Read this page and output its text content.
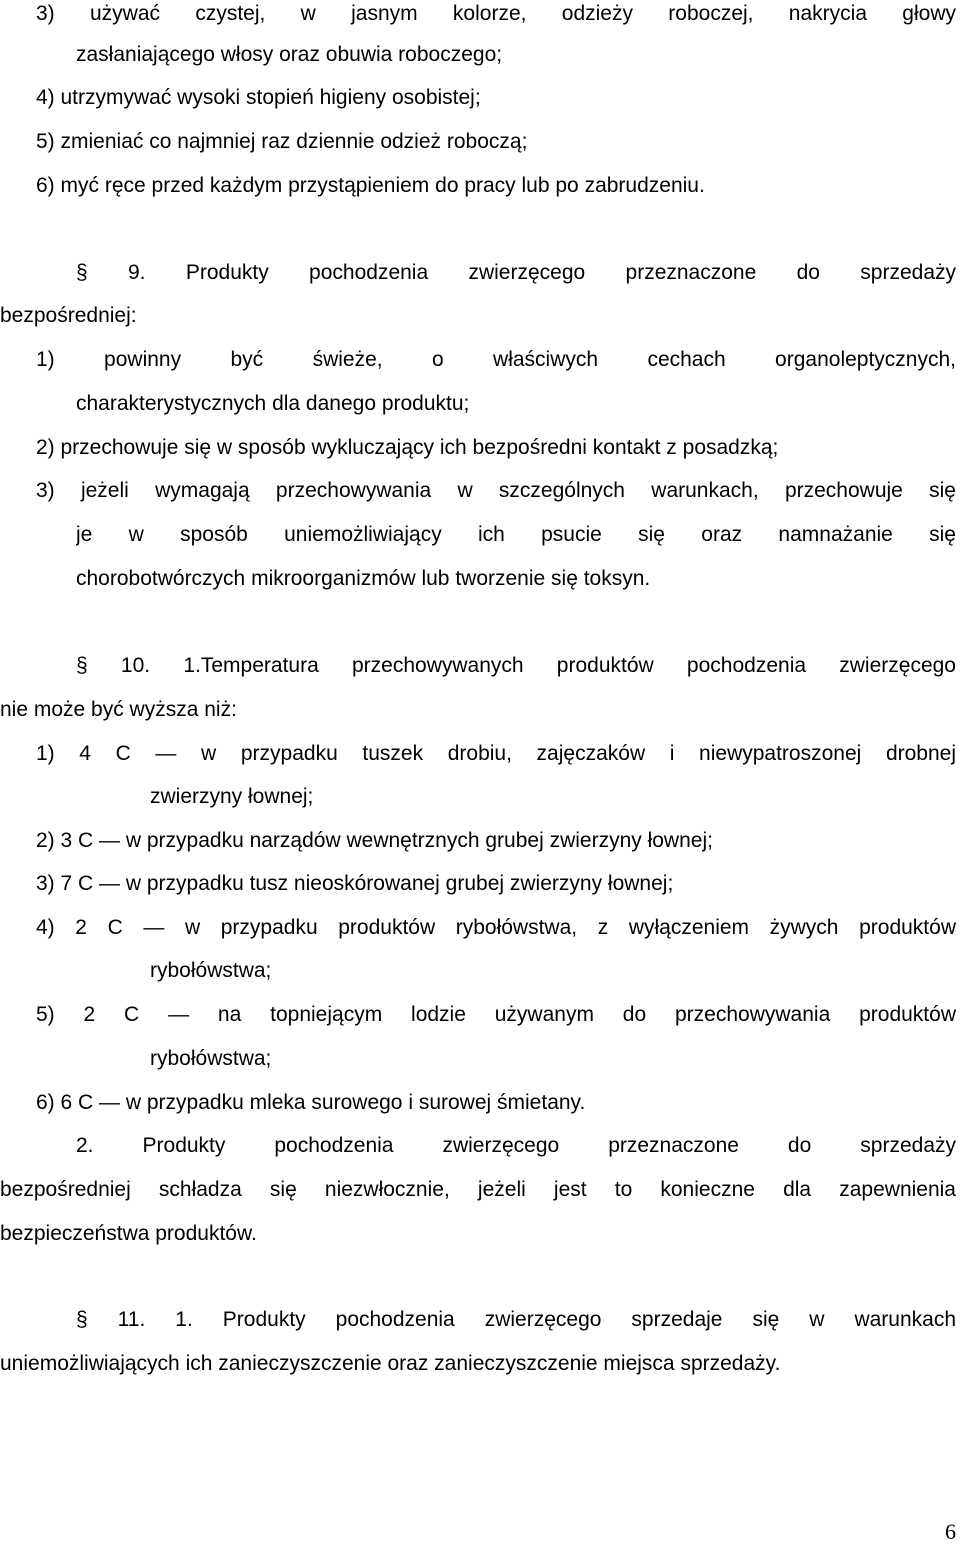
3) używać czystej, w jasnym kolorze, odzieży roboczej, nakrycia głowy
zasłaniającego włosy oraz obuwia roboczego;
4) utrzymywać wysoki stopień higieny osobistej;
5) zmieniać co najmniej raz dziennie odzież roboczą;
6) myć ręce przed każdym przystąpieniem do pracy lub po zabrudzeniu.
§ 9. Produkty pochodzenia zwierzęcego przeznaczone do sprzedaży
bezpośredniej:
1) powinny być świeże, o właściwych cechach organoleptycznych,
charakterystycznych dla danego produktu;
2) przechowuje się w sposób wykluczający ich bezpośredni kontakt z posadzką;
3) jeżeli wymagają przechowywania w szczególnych warunkach, przechowuje się
je w sposób uniemożliwiający ich psucie się oraz namnażanie się
chorobotwórczych mikroorganizmów lub tworzenie się toksyn.
§ 10. 1.Temperatura przechowywanych produktów pochodzenia zwierzęcego
nie może być wyższa niż:
1) 4 C — w przypadku tuszek drobiu, zajęczaków i niewypatroszonej drobnej
zwierzyny łownej;
2) 3 C — w przypadku narządów wewnętrznych grubej zwierzyny łownej;
3) 7 C — w przypadku tusz nieoskórowanej grubej zwierzyny łownej;
4) 2 C — w przypadku produktów rybołówstwa, z wyłączeniem żywych produktów
rybołówstwa;
5) 2 C — na topniejącym lodzie używanym do przechowywania produktów
rybołówstwa;
6) 6 C — w przypadku mleka surowego i surowej śmietany.
2. Produkty pochodzenia zwierzęcego przeznaczone do sprzedaży
bezpośredniej schładza się niezwłocznie, jeżeli jest to konieczne dla zapewnienia
bezpieczeństwa produktów.
§ 11. 1. Produkty pochodzenia zwierzęcego sprzedaje się w warunkach
uniemożliwiających ich zanieczyszczenie oraz zanieczyszczenie miejsca sprzedaży.
6
